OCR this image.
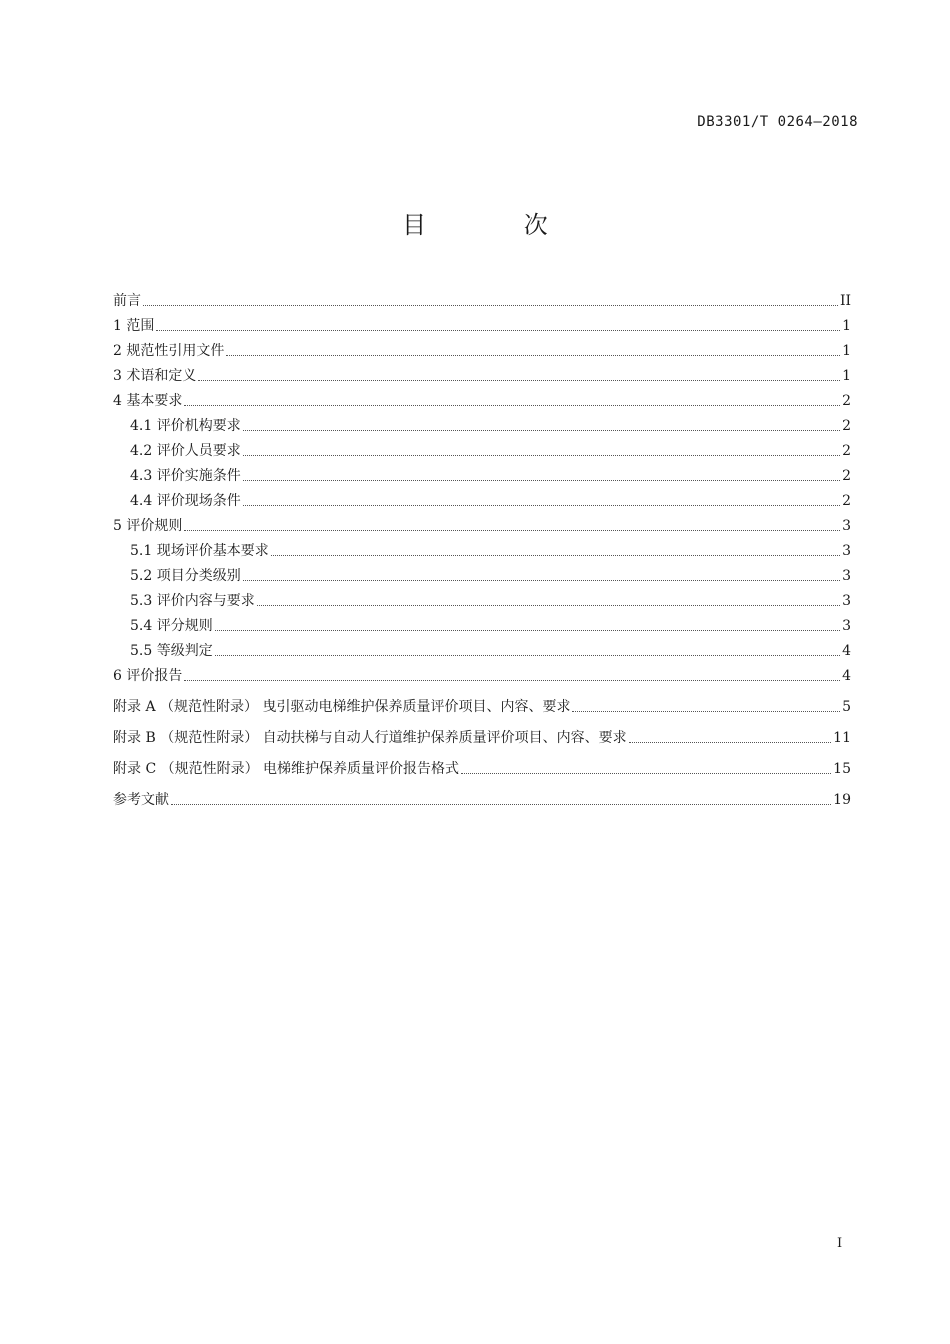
DB3301/T 0264—2018
目 次
前言	II
1 范围	1
2 规范性引用文件	1
3 术语和定义	1
4 基本要求	2
4.1 评价机构要求	2
4.2 评价人员要求	2
4.3 评价实施条件	2
4.4 评价现场条件	2
5 评价规则	3
5.1 现场评价基本要求	3
5.2 项目分类级别	3
5.3 评价内容与要求	3
5.4 评分规则	3
5.5 等级判定	4
6 评价报告	4
附录 A （规范性附录） 曳引驱动电梯维护保养质量评价项目、内容、要求	5
附录 B （规范性附录） 自动扶梯与自动人行道维护保养质量评价项目、内容、要求	11
附录 C （规范性附录） 电梯维护保养质量评价报告格式	15
参考文献	19
I
